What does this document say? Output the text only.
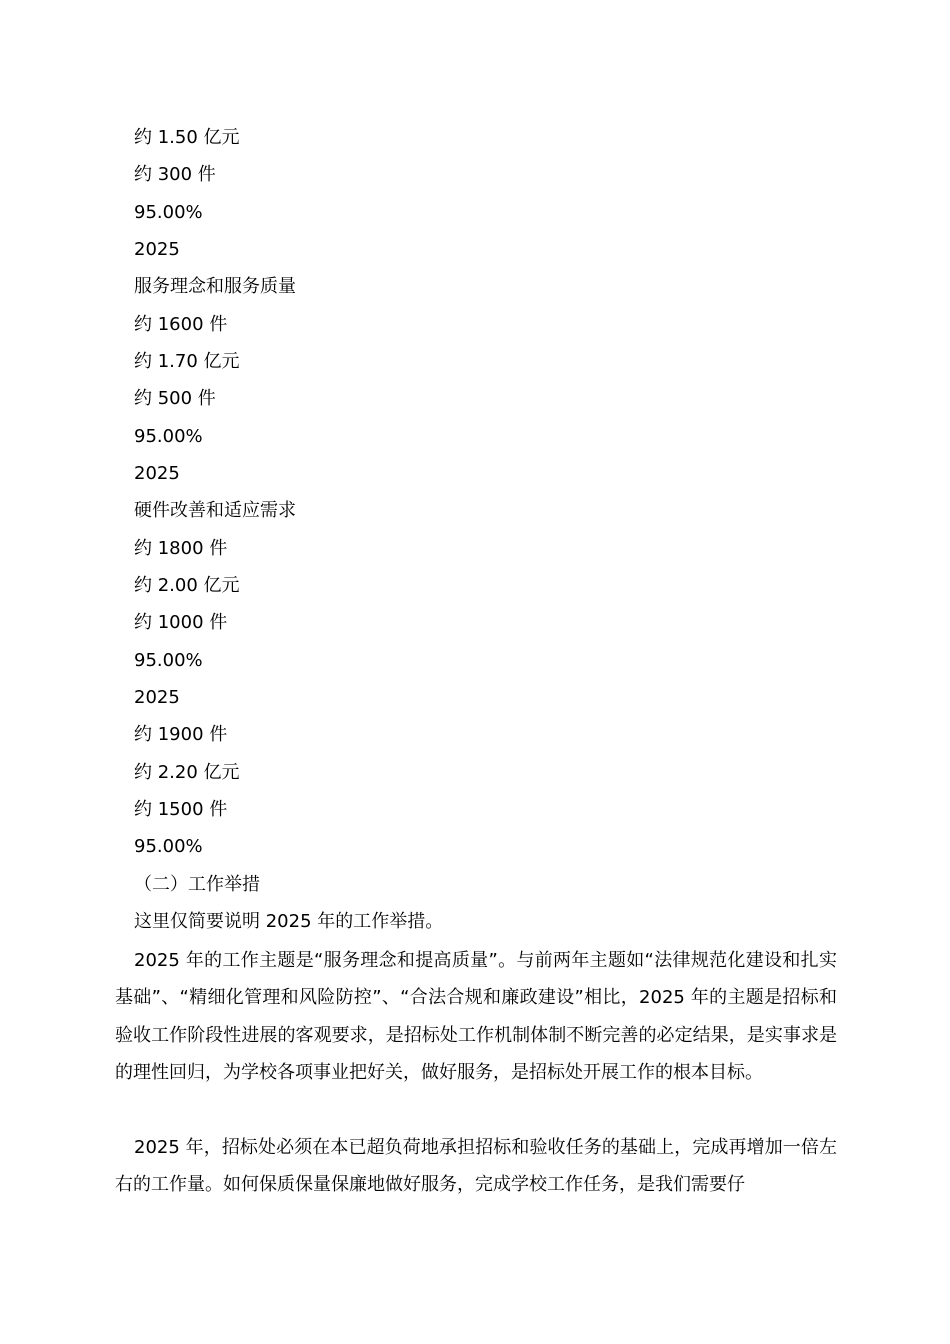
约 1.50 亿元
约 300 件
95.00%
2025
服务理念和服务质量
约 1600 件
约 1.70 亿元
约 500 件
95.00%
2025
硬件改善和适应需求
约 1800 件
约 2.00 亿元
约 1000 件
95.00%
2025
约 1900 件
约 2.20 亿元
约 1500 件
95.00%
（二）工作举措
这里仅简要说明 2025 年的工作举措。
2025 年的工作主题是“服务理念和提高质量”。与前两年主题如“法律规范化建设和扎实基础”、“精细化管理和风险防控”、“合法合规和廉政建设”相比，2025 年的主题是招标和验收工作阶段性进展的客观要求，是招标处工作机制体制不断完善的必定结果，是实事求是的理性回归，为学校各项事业把好关，做好服务，是招标处开展工作的根本目标。
2025 年，招标处必须在本已超负荷地承担招标和验收任务的基础上，完成再增加一倍左右的工作量。如何保质保量保廉地做好服务，完成学校工作任务，是我们需要仔
